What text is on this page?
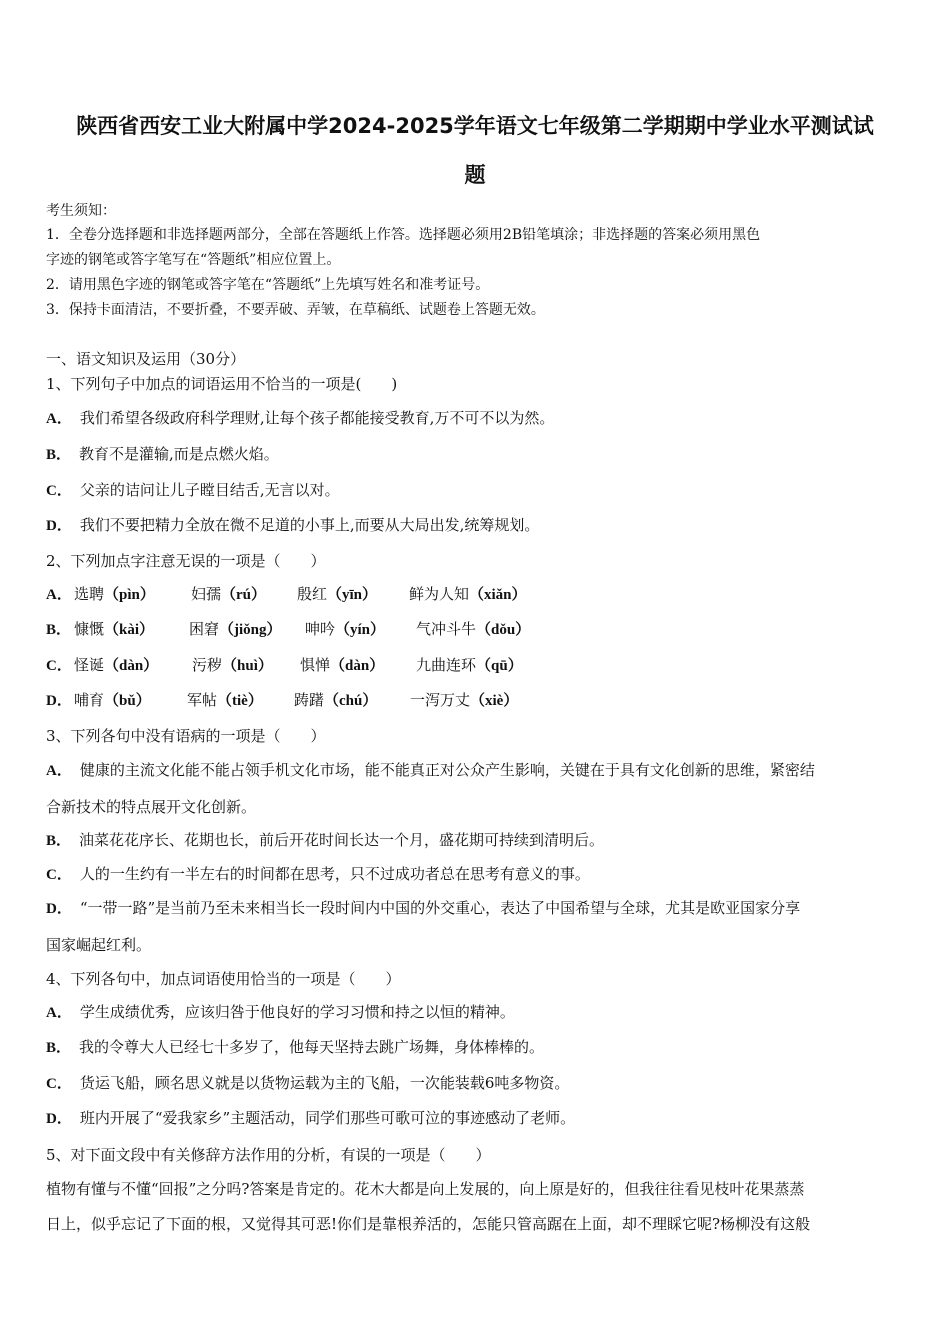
陕西省西安工业大附属中学2024-2025学年语文七年级第二学期期中学业水平测试试
题
考生须知：
1．全卷分选择题和非选择题两部分，全部在答题纸上作答。选择题必须用2B铅笔填涂；非选择题的答案必须用黑色
字迹的钢笔或答字笔写在“答题纸”相应位置上。
2．请用黑色字迹的钢笔或答字笔在“答题纸”上先填写姓名和准考证号。
3．保持卡面清洁，不要折叠，不要弄破、弄皱，在草稿纸、试题卷上答题无效。
一、语文知识及运用（30分）
1、下列句子中加点的词语运用不恰当的一项是(　　)
A． 我们希望各级政府科学理财,让每个孩子都能接受教育,万不可不以为然。
B． 教育不是灌输,而是点燃火焰。
C． 父亲的诘问让儿子瞠目结舌,无言以对。
D． 我们不要把精力全放在微不足道的小事上,而要从大局出发,统筹规划。
2、下列加点字注意无误的一项是（　　）
A． 选聘（pìn） 妇孺（rú） 殷红（yīn） 鲜为人知（xiǎn）
B． 慷慨（kài） 困窘（jiǒng） 呻吟（yín） 气冲斗牛（dǒu）
C． 怪诞（dàn） 污秽（huì） 惧惮（dàn） 九曲连环（qū）
D． 哺育（bǔ） 军帖（tiè） 踌躇（chú） 一泻万丈（xiè）
3、下列各句中没有语病的一项是（　　）
A． 健康的主流文化能不能占领手机文化市场，能不能真正对公众产生影响，关键在于具有文化创新的思维，紧密结
合新技术的特点展开文化创新。
B． 油菜花花序长、花期也长，前后开花时间长达一个月，盛花期可持续到清明后。
C． 人的一生约有一半左右的时间都在思考，只不过成功者总在思考有意义的事。
D． “一带一路”是当前乃至未来相当长一段时间内中国的外交重心，表达了中国希望与全球，尤其是欧亚国家分享
国家崛起红利。
4、下列各句中，加点词语使用恰当的一项是（　　）
A． 学生成绩优秀，应该归咎于他良好的学习习惯和持之以恒的精神。
B． 我的令尊大人已经七十多岁了，他每天坚持去跳广场舞，身体棒棒的。
C． 货运飞船，顾名思义就是以货物运载为主的飞船，一次能装载6吨多物资。
D． 班内开展了“爱我家乡”主题活动，同学们那些可歌可泣的事迹感动了老师。
5、对下面文段中有关修辞方法作用的分析，有误的一项是（　　）
植物有懂与不懂“回报”之分吗?答案是肯定的。花木大都是向上发展的，向上原是好的，但我往往看见枝叶花果蒸蒸
日上，似乎忘记了下面的根，又觉得其可恶!你们是靠根养活的，怎能只管高踞在上面，却不理睬它呢?杨柳没有这般
